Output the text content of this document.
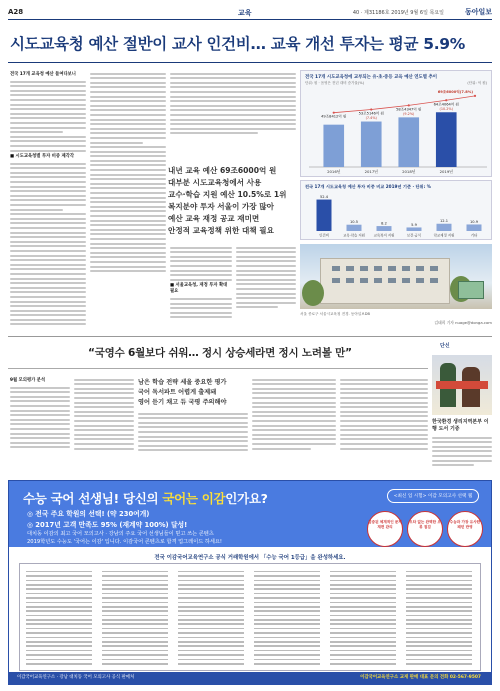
A28	교육	40 · 제31186호 2019년 9월 6일 목요일	동아일보
시도교육청 예산 절반이 교사 인건비… 교육 개선 투자는 평균 5.9%
전국 17개 교육청 예산 들여다보니
■ 시도교육청별 투자 비중 제각각
내년 교육 예산 69조6000억 원
대부분 시도교육청에서 사용
교수·학습 지원 예산 10.5%로 1위
복지분야 투자 서울이 가장 많아
예산 교육 재정 공교 재미면
안정적 교육정책 위한 대책 필요
■ 서울교육청, 재정 투자 확대 필요
전국 17개 시도교육청에 교부되는 유·초·중등 교육 예산 연도별 추이
단위: 원 · 음영은 전년 대비 증가율(%)	(단위: 억 원)
49조8412억 원
2016년
53조5146억 원
(7.4%)
2017년
58조4347억 원
(9.2%)
2018년
64조4064억 원
(10.2%)
2019년
69조6000억(7.8%)
전국 17개 시도교육청 예산 투자 비중 비교 2019년 기준 · 단위: %
52.4
인건비
10.5
교육·학습 지원
8.2
교육복지 지원
5.9
보건·급식
12.1
학교재정 지원
10.9
기타
서울 종로구 서울시교육청 전경. 동아일보DB
김태희 기자 nuage@donga.com
“국영수 6월보다 쉬워… 정시 상승세라면 정시 노려볼 만”
단신
9월 모의평가 분석	남은 학습 전략 세울 중요한 평가
국어 독서파트 어렵게 출제돼
영어 듣기 채고 듀 국평 주의해야
한국환경 생리지역본부 이행 도서 기증
수능 국어 선생님! 당신의 국어는 이감인가요?
◎ 전국 주요 학원의 선택! (약 230여개)
◎ 2017년 고객 만족도 95% (재계약 100%) 달성!
대치동 이감의 최고 국어 모의고사 · 강남의 주요 국어 선생님들이 믿고 쓰는 콘텐츠
2019학년도 수능도 '국어는 이감' 입니다. 이감국어 콘텐츠로 합격 업그레이드 하세요!
<최신 업 시험> 이감 모의고사 선택 웹
검증된 체계적인 문제 재편 관리
오타 없는 완벽한 오류 점검
수능과 가장 유사한 패턴 반영
전국 이감국어교육연구소 공식 거래학원에서 「수능 국어 1등급」을 완성하세요.
이감국어교육연구소 · 강남 대치동 국어 모의고사 공식 판매처	이감국어교육연구소 교재 판매 대표 문의 전화 02-567-9507
